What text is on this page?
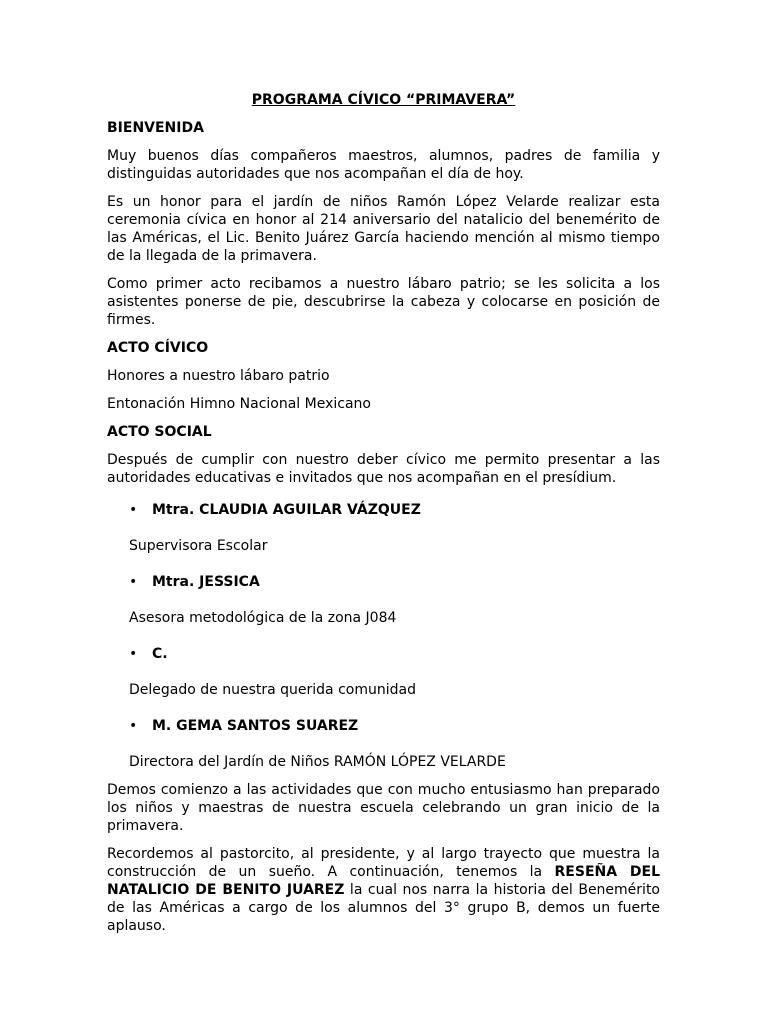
PROGRAMA CÍVICO “PRIMAVERA”
BIENVENIDA

Muy buenos días compañeros maestros, alumnos, padres de familia y distinguidas autoridades que nos acompañan el día de hoy.

Es un honor para el jardín de niños Ramón López Velarde realizar esta ceremonia cívica en honor al 214 aniversario del natalicio del benemérito de las Américas, el Lic. Benito Juárez García haciendo mención al mismo tiempo de la llegada de la primavera.

Como primer acto recibamos a nuestro lábaro patrio; se les solicita a los asistentes ponerse de pie, descubrirse la cabeza y colocarse en posición de firmes.

ACTO CÍVICO

Honores a nuestro lábaro patrio

Entonación Himno Nacional Mexicano

ACTO SOCIAL

Después de cumplir con nuestro deber cívico me permito presentar a las autoridades educativas e invitados que nos acompañan en el presídium.

• Mtra. CLAUDIA AGUILAR VÁZQUEZ
Supervisora Escolar
• Mtra. JESSICA
Asesora metodológica de la zona J084
• C.
Delegado de nuestra querida comunidad
• M. GEMA SANTOS SUAREZ
Directora del Jardín de Niños RAMÓN LÓPEZ VELARDE

Demos comienzo a las actividades que con mucho entusiasmo han preparado los niños y maestras de nuestra escuela celebrando un gran inicio de la primavera.

Recordemos al pastorcito, al presidente, y al largo trayecto que muestra la construcción de un sueño. A continuación, tenemos la RESEÑA DEL NATALICIO DE BENITO JUAREZ la cual nos narra la historia del Benemérito de las Américas a cargo de los alumnos del 3° grupo B, demos un fuerte aplauso.
